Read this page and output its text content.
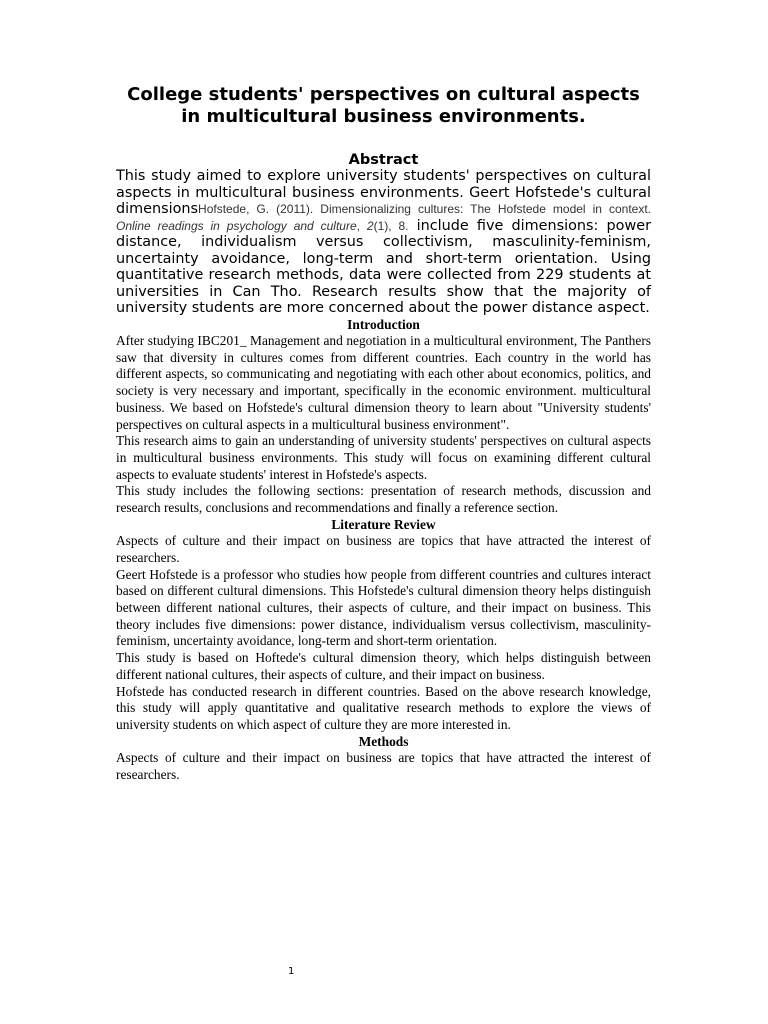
College students' perspectives on cultural aspects in multicultural business environments.
Abstract

This study aimed to explore university students' perspectives on cultural aspects in multicultural business environments. Geert Hofstede's cultural dimensionsHofstede, G. (2011). Dimensionalizing cultures: The Hofstede model in context. Online readings in psychology and culture, 2(1), 8. include five dimensions: power distance, individualism versus collectivism, masculinity-feminism, uncertainty avoidance, long-term and short-term orientation. Using quantitative research methods, data were collected from 229 students at universities in Can Tho. Research results show that the majority of university students are more concerned about the power distance aspect.

Introduction

After studying IBC201_ Management and negotiation in a multicultural environment, The Panthers saw that diversity in cultures comes from different countries. Each country in the world has different aspects, so communicating and negotiating with each other about economics, politics, and society is very necessary and important, specifically in the economic environment. multicultural business. We based on Hofstede's cultural dimension theory to learn about "University students' perspectives on cultural aspects in a multicultural business environment".

This research aims to gain an understanding of university students' perspectives on cultural aspects in multicultural business environments. This study will focus on examining different cultural aspects to evaluate students' interest in Hofstede's aspects.

This study includes the following sections: presentation of research methods, discussion and research results, conclusions and recommendations and finally a reference section.

Literature Review

Aspects of culture and their impact on business are topics that have attracted the interest of researchers.

Geert Hofstede is a professor who studies how people from different countries and cultures interact based on different cultural dimensions. This Hofstede's cultural dimension theory helps distinguish between different national cultures, their aspects of culture, and their impact on business. This theory includes five dimensions: power distance, individualism versus collectivism, masculinity-feminism, uncertainty avoidance, long-term and short-term orientation.

This study is based on Hoftede's cultural dimension theory, which helps distinguish between different national cultures, their aspects of culture, and their impact on business.

Hofstede has conducted research in different countries. Based on the above research knowledge, this study will apply quantitative and qualitative research methods to explore the views of university students on which aspect of culture they are more interested in.

Methods

Aspects of culture and their impact on business are topics that have attracted the interest of researchers.

1
